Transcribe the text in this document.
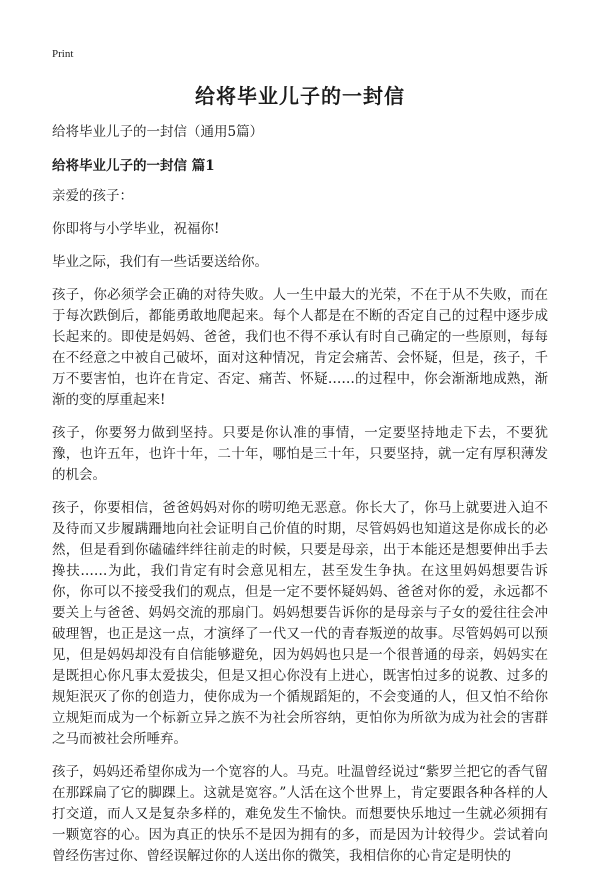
Print
给将毕业儿子的一封信
给将毕业儿子的一封信（通用5篇）
给将毕业儿子的一封信 篇1

亲爱的孩子：

你即将与小学毕业，祝福你!

毕业之际，我们有一些话要送给你。

孩子，你必须学会正确的对待失败。人一生中最大的光荣，不在于从不失败，而在于每次跌倒后，都能勇敢地爬起来。每个人都是在不断的否定自己的过程中逐步成长起来的。即使是妈妈、爸爸，我们也不得不承认有时自己确定的一些原则，每每在不经意之中被自己破坏，面对这种情况，肯定会痛苦、会怀疑，但是，孩子，千万不要害怕，也许在肯定、否定、痛苦、怀疑……的过程中，你会渐渐地成熟，渐渐的变的厚重起来!

孩子，你要努力做到坚持。只要是你认准的事情，一定要坚持地走下去，不要犹豫，也许五年，也许十年，二十年，哪怕是三十年，只要坚持，就一定有厚积薄发的机会。

孩子，你要相信，爸爸妈妈对你的唠叨绝无恶意。你长大了，你马上就要进入迫不及待而又步履蹒跚地向社会证明自己价值的时期，尽管妈妈也知道这是你成长的必然，但是看到你磕磕绊绊往前走的时候，只要是母亲，出于本能还是想要伸出手去搀扶……为此，我们肯定有时会意见相左，甚至发生争执。在这里妈妈想要告诉你，你可以不接受我们的观点，但是一定不要怀疑妈妈、爸爸对你的爱，永远都不要关上与爸爸、妈妈交流的那扇门。妈妈想要告诉你的是母亲与子女的爱往往会冲破理智，也正是这一点，才演绎了一代又一代的青春叛逆的故事。尽管妈妈可以预见，但是妈妈却没有自信能够避免，因为妈妈也只是一个很普通的母亲，妈妈实在是既担心你凡事太爱拔尖，但是又担心你没有上进心，既害怕过多的说教、过多的规矩泯灭了你的创造力，使你成为一个循规蹈矩的，不会变通的人，但又怕不给你立规矩而成为一个标新立异之族不为社会所容纳，更怕你为所欲为成为社会的害群之马而被社会所唾弃。

孩子，妈妈还希望你成为一个宽容的人。马克。吐温曾经说过“紫罗兰把它的香气留在那踩扁了它的脚踝上。这就是宽容。”人活在这个世界上，肯定要跟各种各样的人打交道，而人又是复杂多样的，难免发生不愉快。而想要快乐地过一生就必须拥有一颗宽容的心。因为真正的快乐不是因为拥有的多，而是因为计较得少。尝试着向曾经伤害过你、曾经误解过你的人送出你的微笑，我相信你的心肯定是明快的
